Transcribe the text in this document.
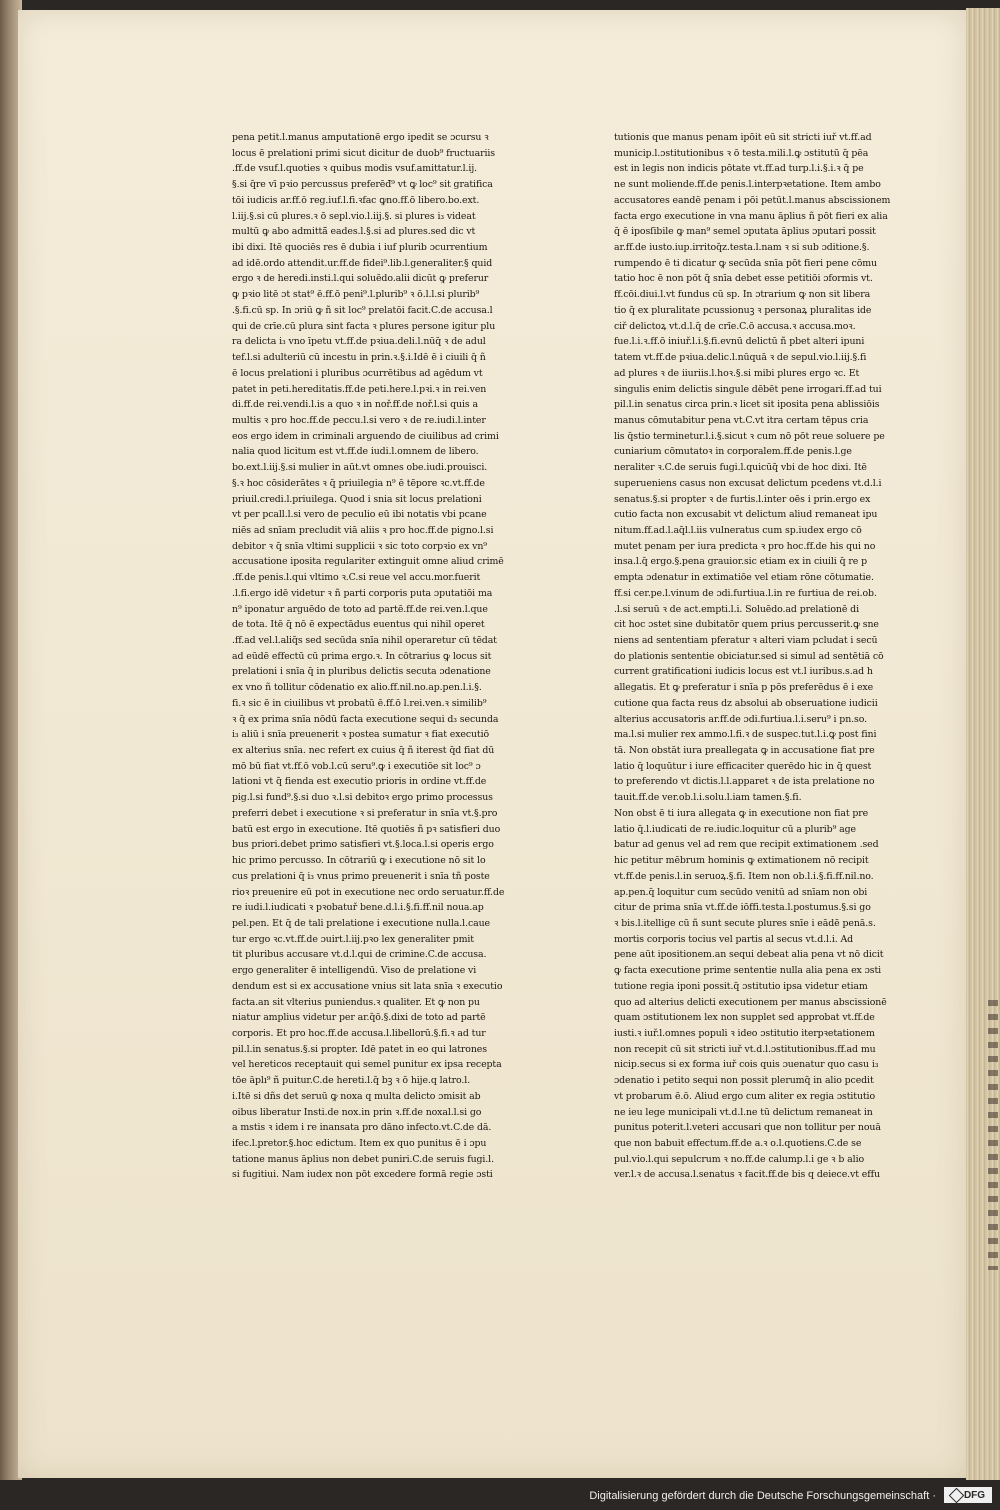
pena petit.l.manus amputationē ergo ipedit se ɔcursu ꝛ
locus ē prelationi primi sicut dicitur de duob⁹ fructuariis
.ff.de vsuf.l.quoties ꝛ quibus modis vsuf.amittatur.l.ij.
§.si q̄re vī pꝛio percussus preferēđ⁹ vt ꝙ loc⁹ sit gratifica
tōi iudicis ar.ff.ō reg.iuf.l.fi.ꝛfac ꝙno.ff.ō libero.bo.ext.
l.iij.§.si cū plures.ꝛ ō sepl.vio.l.iij.§. si plures i₃ videat
multū ꝙ abo admittā̄ eades.l.§.si ad plures.sed dic vt
ibi dixi. Itē quociēs res ē dubia i iuf plurib ɔcurrentium
ad idē.ordo attendit.ur.ff.de fidei⁹.lib.l.generaliter.§ quid
ergo ꝛ de heredi.insti.l.qui soluēdo.alii dicūt ꝙ preferur
ꝙ pꝛio litē ɔt stat⁹ ē.ff.ō peni⁹.l.plurib⁹ ꝛ ō.l.l.si plurib⁹
.§.fi.cū sp. In ɔriū ꝙ ñ sit loc⁹ prelatōi facit.C.de accusa.l
qui de crīe.cū plura sint facta ꝛ plures persone igitur plu
ra delicta i₃ vno īpetu vt.ff.de pꝛiua.deli.l.nūq̄ ꝛ de adul
tef.l.si adulteriū cū incestu in prin.ꝛ.§.i.Idē ē i ciuili q̄ ñ
ē locus prelationi i pluribus ɔcurrētibus ad agēdum vt
patet in peti.hereditatis.ff.de peti.here.l.pꝛi.ꝛ in rei.ven
di.ff.de rei.vendi.l.is a quo ꝛ in noř.ff.de noř.l.si quis a
multis ꝛ pro hoc.ff.de peccu.l.si vero ꝛ de re.iudi.l.inter
eos ergo idem in criminali arguendo de ciuilibus ad crimi
nalia quod licitum est vt.ff.de iudi.l.omnem de libero.
bo.ext.l.iij.§.si mulier in aūt.vt omnes obe.iudi.prouisci.
§.ꝛ hoc cōsiderātes ꝛ q̄ priuilegia n⁹ ē tēpore ꝛc.vt.ff.de
priuil.credi.l.priuilega. Quod i snia sit locus prelationi
vt per pcall.l.si vero de peculio eū ibi notatis vbi pcane
niēs ad snīam precludit viā aliis ꝛ pro hoc.ff.de pigno.l.si
debitor ꝛ q̄ snīa vltimi supplicii ꝛ sic toto corpꝛio ex vn⁹
accusatione iposita regulariter extinguit omne aliud crimē
.ff.de penis.l.qui vltimo ꝛ.C.si reue vel accu.mor.fuerit
.l.fi.ergo idē videtur ꝛ ñ parti corporis puta ɔputatiōi ma
n⁹ iponatur arguēdo de toto ad partē.ff.de rei.ven.l.que
de tota. Itē q̄ nō ē expectādus euentus qui nihil operet
.ff.ad vel.l.aliq̄s sed secūda snīa nihil operaretur cū tēdat
ad eūdē effectū cū prima ergo.ꝛ. In cōtrarius ꝙ locus sit
prelationi i snīa q̄ in pluribus delictis secuta ɔdenatione
ex vno ñ tollitur cōdenatio ex alio.ff.nil.no.ap.pen.l.i.§.
fi.ꝛ sic ē in ciuilibus vt probatū ē.ff.ō l.rei.ven.ꝛ similib⁹
ꝛ q̄ ex prima snīa nōdū facta executione sequi d₃ secunda
i₃ aliū i snīa preuenerit ꝛ postea sumatur ꝛ fiat executiō
ex alterius snīa. nec refert ex cuius q̄ ñ iterest q̄d fiat dū
mō bū fiat vt.ff.ō vob.l.cū seru⁹.ꝙ i executiōe sit loc⁹ ɔ
lationi vt q̄ fienda est executio prioris in ordine vt.ff.de
pig.l.si fund⁹.§.si duo ꝛ.l.si debitoꝛ ergo primo processus
preferri debet i executione ꝛ si preferatur in snīa vt.§.pro
batū est ergo in executione. Itē quotiēs ñ pꝛ satisfieri duo
bus priori.debet primo satisfieri vt.§.loca.l.si operis ergo
hic primo percusso. In cōtrariū ꝙ i executione nō sit lo
cus prelationi q̄ i₃ vnus primo preuenerit i snīa tñ poste
rioꝛ preuenire eū pot in executione nec ordo seruatur.ff.de
re iudi.l.iudicati ꝛ pꝛobatuř bene.d.l.i.§.fi.ff.nil noua.ap
pel.pen. Et q̄ de tali prelatione i executione nulla.l.caue
tur ergo ꝛc.vt.ff.de ɔuirt.l.iij.pꝛo lex generaliter pmit
tit pluribus accusare vt.d.l.qui de crimine.C.de accusa.
ergo generaliter ē intelligendū. Viso de prelatione vi
dendum est si ex accusatione vnius sit lata snīa ꝛ executio
facta.an sit vlterius puniendus.ꝛ qualiter. Et ꝙ non pu
niatur amplius videtur per ar.q̄ō.§.dixi de toto ad partē
corporis. Et pro hoc.ff.de accusa.l.libellorū.§.fi.ꝛ ad tur
pil.l.in senatus.§.si propter. Idē patet in eo qui latrones
vel hereticos receptauit qui semel punitur ex ipsa recepta
tōe āplı⁹ ñ puitur.C.de hereti.l.q̄ bꝫ ꝛ ō hije.q latro.l.
i.Itē si dñs det seruū ꝙ noxa q multa delicto ɔmisit ab
oibus liberatur Insti.de nox.in prin ꝛ.ff.de noxal.l.si go
a mstis ꝛ idem i re inansata pro dāno infecto.vt.C.de dā.
ifec.l.pretor.§.hoc edictum. Item ex quo punitus ē i ɔpu
tatione manus āplius non debet puniri.C.de seruis fugi.l.
si fugitiui. Nam iudex non pōt excedere formā regie ɔsti
tutionis que manus penam ipōit eū sit stricti iuř vt.ff.ad
municip.l.ɔstitutionibus ꝛ ō testa.mili.l.ꝙ ɔstitutū q̄ pēa
est in legis non indicis pōtate vt.ff.ad turp.l.i.§.i.ꝛ q̄ pe
ne sunt moliende.ff.de penis.l.interpꝛetatione. Item ambo
accusatores eandē penam i pōi petūt.l.manus abscissionem
facta ergo executione in vna manu āplius ñ pōt fieri ex alia
q̄ ē iposſibile ꝙ man⁹ semel ɔputata āplius ɔputari possit
ar.ff.de iusto.iup.irritoq̄z.testa.l.nam ꝛ si sub ɔditione.§.
rumpendo ē ti dicatur ꝙ secūda snīa pōt fieri pene cōmu
tatio hoc ē non pōt q̄ snīa debet esse petitiōi ɔformis vt.
ff.cōi.diui.l.vt fundus cū sp. In ɔtrarium ꝙ non sit libera
tio q̄ ex pluralitate pcussionuꝫ ꝛ personaꝝ pluralitas ide
ciř delictoꝝ vt.d.l.q̄ de crīe.C.ō accusa.ꝛ accusa.moꝛ.
fue.l.i.ꝛ.ff.ō iniuř.l.i.§.fi.evnū delictū ñ pbet alteri ipuni
tatem vt.ff.de pꝛiua.delic.l.nūquā ꝛ de sepul.vio.l.iij.§.fi
ad plures ꝛ de iiuriis.l.hoꝛ.§.si mibi plures ergo ꝛc. Et
singulis enim delictis singule dēbēt pene irrogari.ff.ad tui
pil.l.in senatus circa prin.ꝛ licet sit iposita pena ablissiōis
manus cōmutabitur pena vt.C.vt itra certam tēpus cria
lis q̄stio terminetur.l.i.§.sicut ꝛ cum nō pōt reue soluere pe
cuniarium cōmutatoꝛ in corporalem.ff.de penis.l.ge
neraliter ꝛ.C.de seruis fugi.l.quicūq̄ vbi de hoc dixi. Itē
superueniens casus non excusat delictum pcedens vt.d.l.i
senatus.§.si propter ꝛ de furtis.l.inter oēs i prin.ergo ex
cutio facta non excusabit vt delictum aliud remaneat ipu
nitum.ff.ad.l.aq̄l.l.iis vulneratus cum sp.iudex ergo cō
mutet penam per iura predicta ꝛ pro hoc.ff.de his qui no
insa.l.q̄ ergo.§.pena grauior.sic etiam ex in ciuili q̄ re p
empta ɔdenatur in extimatiōe vel etiam rōne cōtumatie.
ff.si cer.pe.l.vinum de ɔdi.furtiua.l.in re furtiua de rei.ob.
.l.si seruū ꝛ de act.empti.l.i. Soluēdo.ad prelationē di
cit hoc ɔstet sine dubitatōr quem prius percusserit.ꝙ sne
niens ad sententiam pferatur ꝛ alteri viam pcludat i secū
do plationis sententie obiciatur.sed si simul ad sentētiā cō
current gratificationi iudicis locus est vt.l iuribus.s.ad h
allegatis. Et ꝙ preferatur i snīa p pōs preferēdus ē i exe
cutione qua facta reus dz absolui ab obseruatione iudicii
alterius accusatoris ar.ff.de ɔdi.furtiua.l.i.seru⁹ i pn.so.
ma.l.si mulier rex ammo.l.fi.ꝛ de suspec.tut.l.i.ꝙ post fini
tā. Non obstāt iura preallegata ꝙ in accusatione fiat pre
latio q̄ loquūtur i iure efficaciter querēdo hic in q̄ quest
to preferendo vt dictis.l.l.apparet ꝛ de ista prelatione no
tauit.ff.de ver.ob.l.i.solu.l.iam tamen.§.fi.
Non obst ē ti iura allegata ꝙ in executione non fiat pre
latio q̄.l.iudicati de re.iudic.loquitur cū a plurib⁹ age
batur ad genus vel ad rem que recipit extimationem .sed
hic petitur mēbrum hominis ꝙ extimationem nō recipit
vt.ff.de penis.l.in seruoꝝ.§.fi. Item non ob.l.i.§.fi.ff.nil.no.
ap.pen.q̄ loquitur cum secūdo venitū ad snīam non obi
citur de prima snīa vt.ff.de iōffi.testa.l.postumus.§.si go
ꝛ bis.l.itellige cū ñ sunt secute plures snīe i eādē penā.s.
mortis corporis tocius vel partis al secus vt.d.l.i. Ad
pene aūt ipositionem.an sequi debeat alia pena vt nō dicit
ꝙ facta executione prime sententie nulla alia pena ex ɔsti
tutione regia iponi possit.q̄ ɔstitutio ipsa videtur etiam
quo ad alterius delicti executionem per manus abscissionē
quam ɔstitutionem lex non supplet sed approbat vt.ff.de
iusti.ꝛ iuř.l.omnes populi ꝛ ideo ɔstitutio iterpꝛetationem
non recepit cū sit stricti iuř vt.d.l.ɔstitutionibus.ff.ad mu
nicip.secus si ex forma iuř cois quis ɔuenatur quo casu i₃
ɔdenatio i petito sequi non possit plerumq̄ in alio pcedit
vt probarum ē.ō. Aliud ergo cum aliter ex regia ɔstitutio
ne ieu lege municipali vt.d.l.ne tū delictum remaneat in
punitus poterit.l.veteri accusari que non tollitur per nouā
que non babuit effectum.ff.de a.ꝛ o.l.quotiens.C.de se
pul.vio.l.qui sepulcrum ꝛ no.ff.de calump.l.i ge ꝛ b alio
ver.l.ꝛ de accusa.l.senatus ꝛ facit.ff.de bis q deiece.vt effu
Digitalisierung gefördert durch die Deutsche Forschungsgemeinschaft ·	DFG
